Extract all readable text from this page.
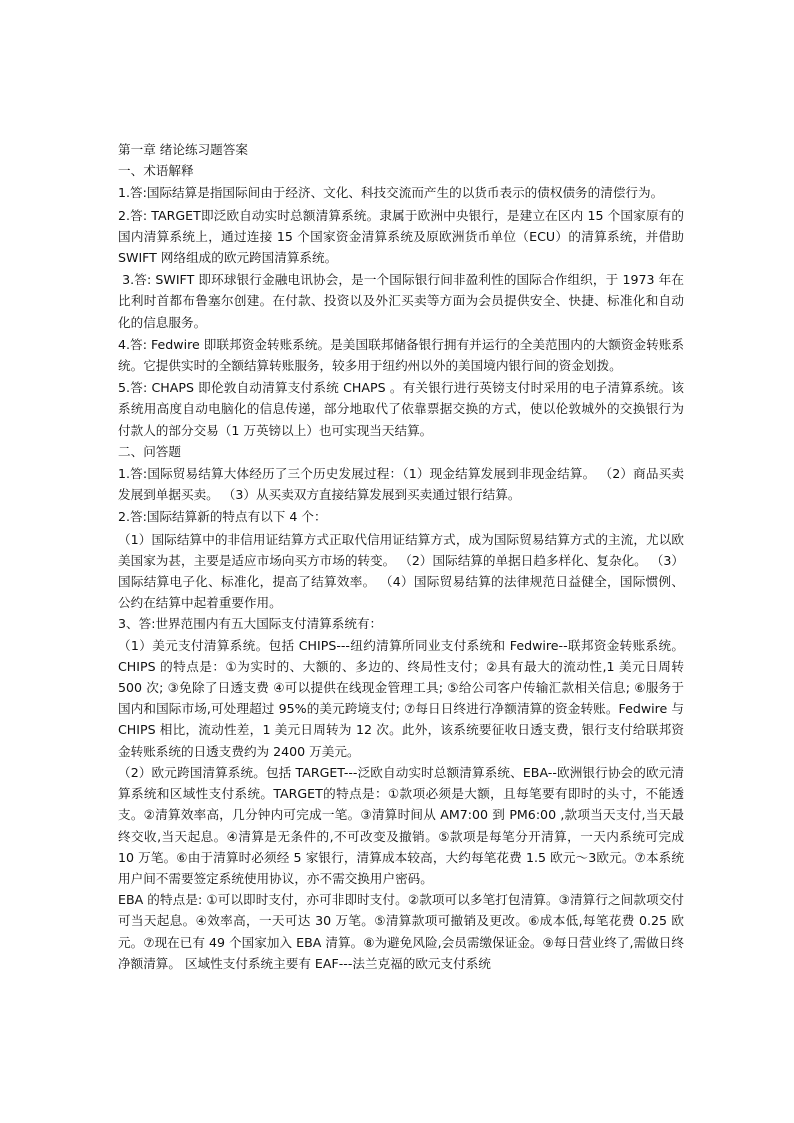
第一章 绪论练习题答案

一、术语解释

1.答:国际结算是指国际间由于经济、文化、科技交流而产生的以货币表示的债权债务的清偿行为。

2.答: TARGET即泛欧自动实时总额清算系统。隶属于欧洲中央银行，是建立在区内 15 个国家原有的国内清算系统上，通过连接 15 个国家资金清算系统及原欧洲货币单位（ECU）的清算系统，并借助 SWIFT 网络组成的欧元跨国清算系统。

3.答: SWIFT 即环球银行金融电讯协会，是一个国际银行间非盈利性的国际合作组织，于 1973 年在比利时首都布鲁塞尔创建。在付款、投资以及外汇买卖等方面为会员提供安全、快捷、标准化和自动化的信息服务。

4.答: Fedwire 即联邦资金转账系统。是美国联邦储备银行拥有并运行的全美范围内的大额资金转账系统。它提供实时的全额结算转账服务，较多用于纽约州以外的美国境内银行间的资金划拨。

5.答: CHAPS 即伦敦自动清算支付系统 CHAPS 。有关银行进行英镑支付时采用的电子清算系统。该系统用高度自动电脑化的信息传递，部分地取代了依靠票据交换的方式，使以伦敦城外的交换银行为付款人的部分交易（1 万英镑以上）也可实现当天结算。

二、问答题

1.答:国际贸易结算大体经历了三个历史发展过程：（1）现金结算发展到非现金结算。 （2）商品买卖发展到单据买卖。 （3）从买卖双方直接结算发展到买卖通过银行结算。

2.答:国际结算新的特点有以下 4 个：

（1）国际结算中的非信用证结算方式正取代信用证结算方式，成为国际贸易结算方式的主流，尤以欧美国家为甚，主要是适应市场向买方市场的转变。 （2）国际结算的单据日趋多样化、复杂化。 （3）国际结算电子化、标准化，提高了结算效率。 （4）国际贸易结算的法律规范日益健全，国际惯例、公约在结算中起着重要作用。

3、答:世界范围内有五大国际支付清算系统有：

（1）美元支付清算系统。包括 CHIPS---纽约清算所同业支付系统和 Fedwire--联邦资金转账系统。CHIPS 的特点是：①为实时的、大额的、多边的、终局性支付；②具有最大的流动性,1 美元日周转500 次; ③免除了日透支费 ④可以提供在线现金管理工具; ⑤给公司客户传输汇款相关信息; ⑥服务于国内和国际市场,可处理超过 95%的美元跨境支付; ⑦每日日终进行净额清算的资金转账。Fedwire 与 CHIPS 相比，流动性差，1 美元日周转为 12 次。此外，该系统要征收日透支费，银行支付给联邦资金转账系统的日透支费约为 2400 万美元。

（2）欧元跨国清算系统。包括 TARGET---泛欧自动实时总额清算系统、EBA--欧洲银行协会的欧元清算系统和区域性支付系统。TARGET的特点是：①款项必须是大额，且每笔要有即时的头寸，不能透支。②清算效率高，几分钟内可完成一笔。③清算时间从 AM7:00 到 PM6:00 ,款项当天支付,当天最终交收,当天起息。④清算是无条件的,不可改变及撤销。⑤款项是每笔分开清算，一天内系统可完成 10 万笔。⑥由于清算时必须经 5 家银行，清算成本较高，大约每笔花费 1.5 欧元～3欧元。⑦本系统用户间不需要签定系统使用协议，亦不需交换用户密码。

EBA 的特点是: ①可以即时支付，亦可非即时支付。②款项可以多笔打包清算。③清算行之间款项交付可当天起息。④效率高，一天可达 30 万笔。⑤清算款项可撤销及更改。⑥成本低,每笔花费 0.25 欧元。⑦现在已有 49 个国家加入 EBA 清算。⑧为避免风险,会员需缴保证金。⑨每日营业终了,需做日终净额清算。 区域性支付系统主要有 EAF---法兰克福的欧元支付系统
